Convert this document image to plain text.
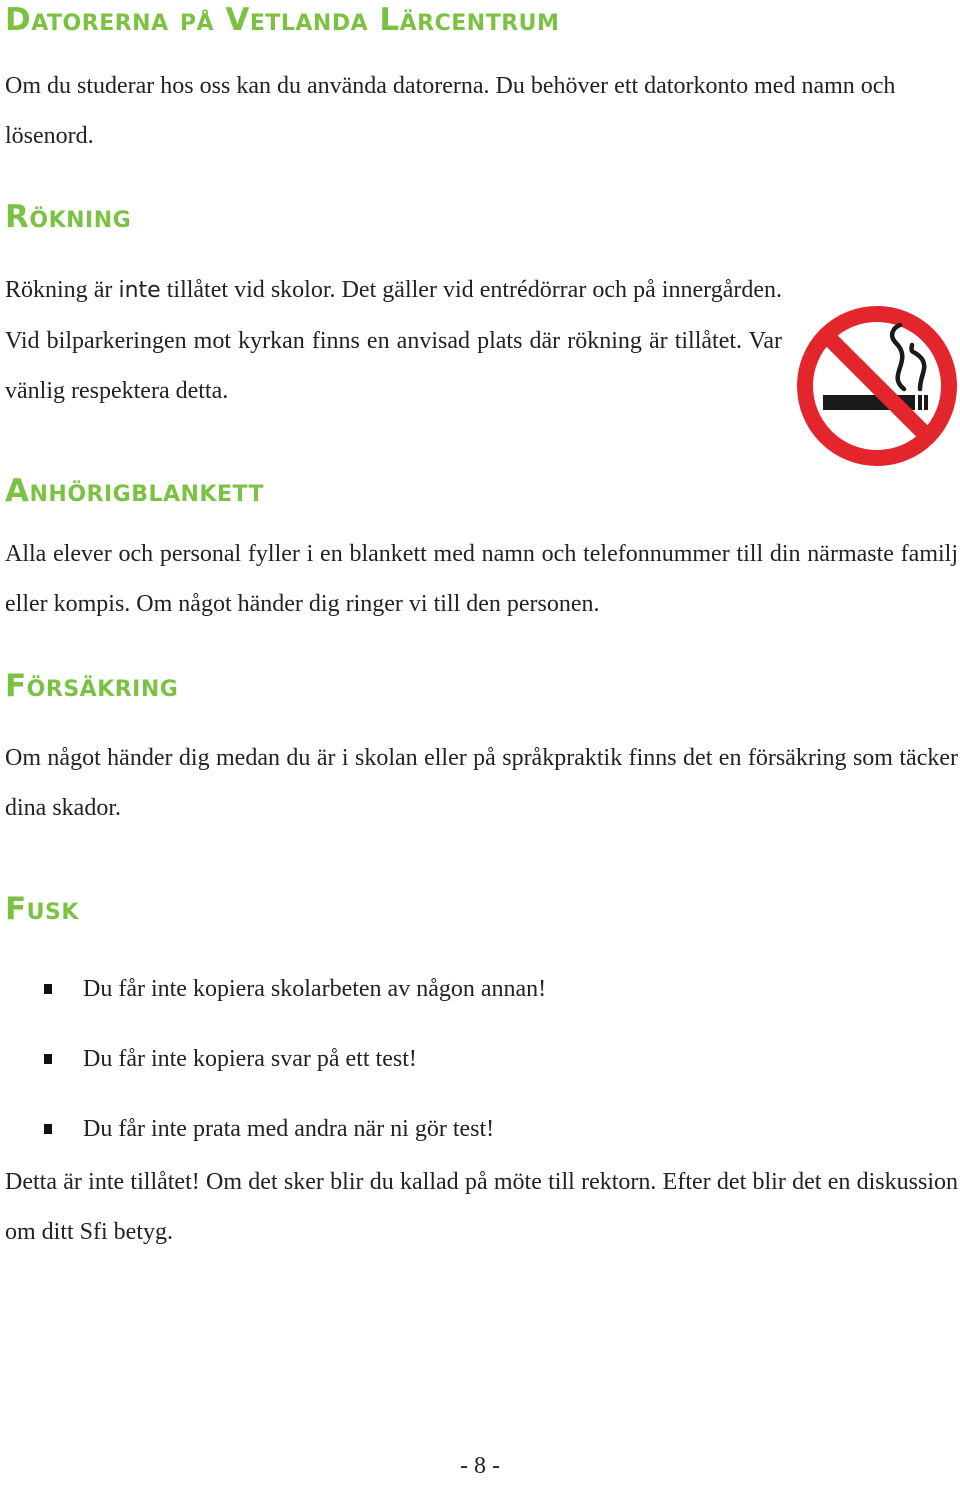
Datorerna på Vetlanda Lärcentrum

Om du studerar hos oss kan du använda datorerna. Du behöver ett datorkonto med namn och lösenord.

Rökning

Rökning är inte tillåtet vid skolor. Det gäller vid entrédörrar och på innergården. Vid bilparkeringen mot kyrkan finns en anvisad plats där rökning är tillåtet. Var vänlig respektera detta.

Anhörigblankett

Alla elever och personal fyller i en blankett med namn och telefonnummer till din närmaste familj eller kompis. Om något händer dig ringer vi till den personen.

Försäkring

Om något händer dig medan du är i skolan eller på språkpraktik finns det en försäkring som täcker dina skador.

Fusk
Du får inte kopiera skolarbeten av någon annan!
Du får inte kopiera svar på ett test!
Du får inte prata med andra när ni gör test!

Detta är inte tillåtet! Om det sker blir du kallad på möte till rektorn. Efter det blir det en diskussion om ditt Sfi betyg.

- 8 -
